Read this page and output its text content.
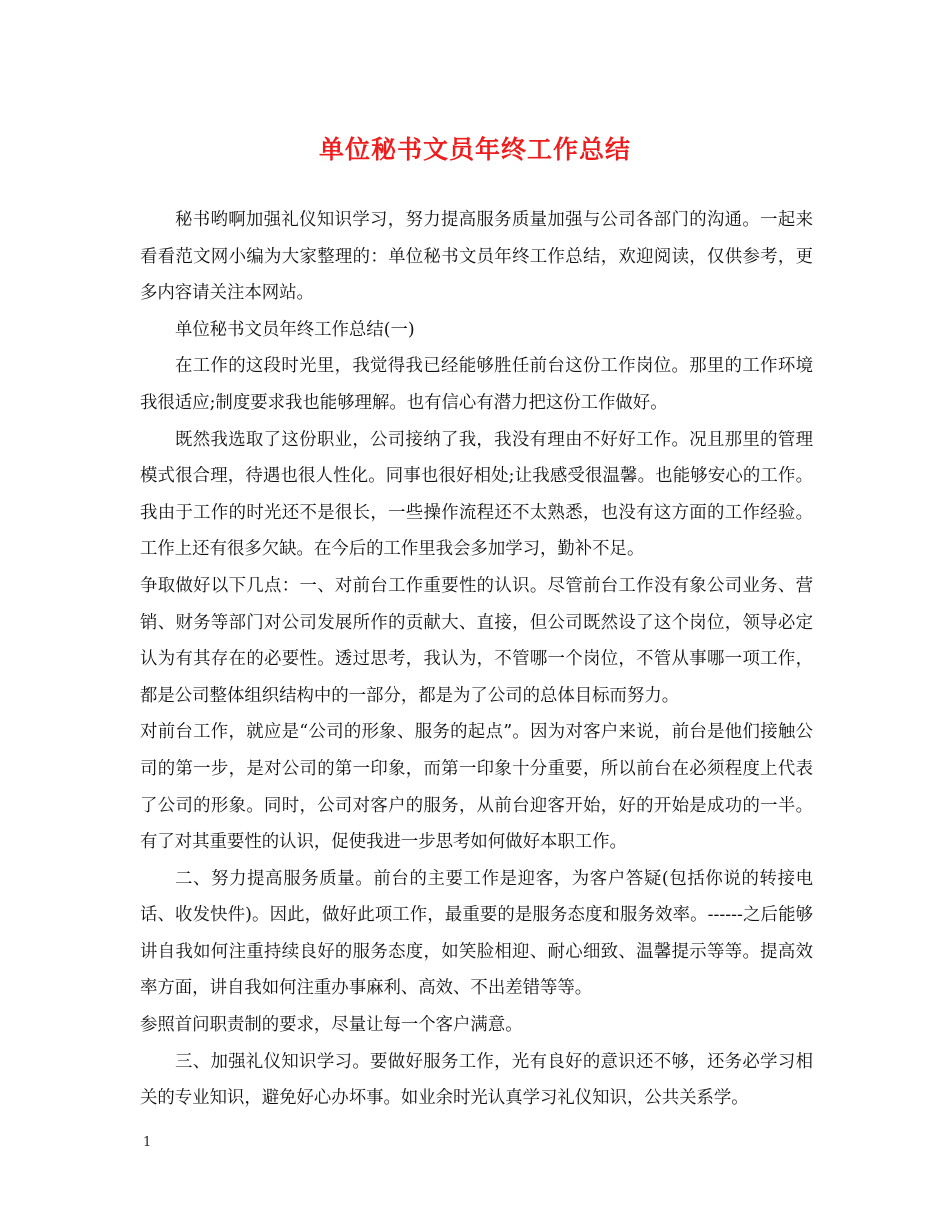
单位秘书文员年终工作总结

秘书哟啊加强礼仪知识学习，努力提高服务质量加强与公司各部门的沟通。一起来看看范文网小编为大家整理的：单位秘书文员年终工作总结，欢迎阅读，仅供参考，更多内容请关注本网站。

单位秘书文员年终工作总结(一)

在工作的这段时光里，我觉得我已经能够胜任前台这份工作岗位。那里的工作环境我很适应;制度要求我也能够理解。也有信心有潜力把这份工作做好。

既然我选取了这份职业，公司接纳了我，我没有理由不好好工作。况且那里的管理模式很合理，待遇也很人性化。同事也很好相处;让我感受很温馨。也能够安心的工作。我由于工作的时光还不是很长，一些操作流程还不太熟悉，也没有这方面的工作经验。工作上还有很多欠缺。在今后的工作里我会多加学习，勤补不足。

争取做好以下几点：一、对前台工作重要性的认识。尽管前台工作没有象公司业务、营销、财务等部门对公司发展所作的贡献大、直接，但公司既然设了这个岗位，领导必定认为有其存在的必要性。透过思考，我认为，不管哪一个岗位，不管从事哪一项工作，都是公司整体组织结构中的一部分，都是为了公司的总体目标而努力。

对前台工作，就应是“公司的形象、服务的起点”。因为对客户来说，前台是他们接触公司的第一步，是对公司的第一印象，而第一印象十分重要，所以前台在必须程度上代表了公司的形象。同时，公司对客户的服务，从前台迎客开始，好的开始是成功的一半。有了对其重要性的认识，促使我进一步思考如何做好本职工作。

二、努力提高服务质量。前台的主要工作是迎客，为客户答疑(包括你说的转接电话、收发快件)。因此，做好此项工作，最重要的是服务态度和服务效率。------之后能够讲自我如何注重持续良好的服务态度，如笑脸相迎、耐心细致、温馨提示等等。提高效率方面，讲自我如何注重办事麻利、高效、不出差错等等。

参照首问职责制的要求，尽量让每一个客户满意。

三、加强礼仪知识学习。要做好服务工作，光有良好的意识还不够，还务必学习相关的专业知识，避免好心办坏事。如业余时光认真学习礼仪知识，公共关系学。

1
